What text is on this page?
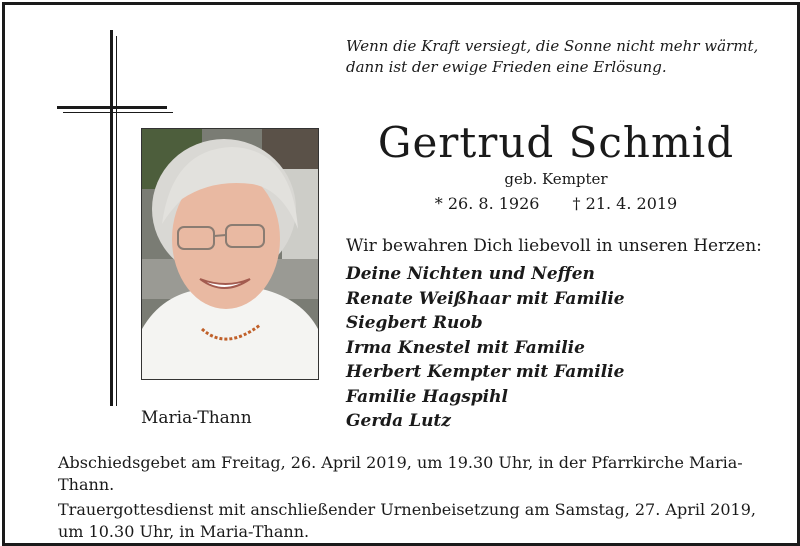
Maria-Thann
Wenn die Kraft versiegt, die Sonne nicht mehr wärmt,
dann ist der ewige Frieden eine Erlösung.
Gertrud Schmid
geb. Kempter
* 26. 8. 1926 † 21. 4. 2019
Wir bewahren Dich liebevoll in unseren Herzen:
Deine Nichten und Neffen
Renate Weißhaar mit Familie
Siegbert Ruob
Irma Knestel mit Familie
Herbert Kempter mit Familie
Familie Hagspihl
Gerda Lutz

Abschiedsgebet am Freitag, 26. April 2019, um 19.30 Uhr, in der Pfarrkirche Maria-Thann.

Trauergottesdienst mit anschließender Urnenbeisetzung am Samstag, 27. April 2019,

um 10.30 Uhr, in Maria-Thann.
